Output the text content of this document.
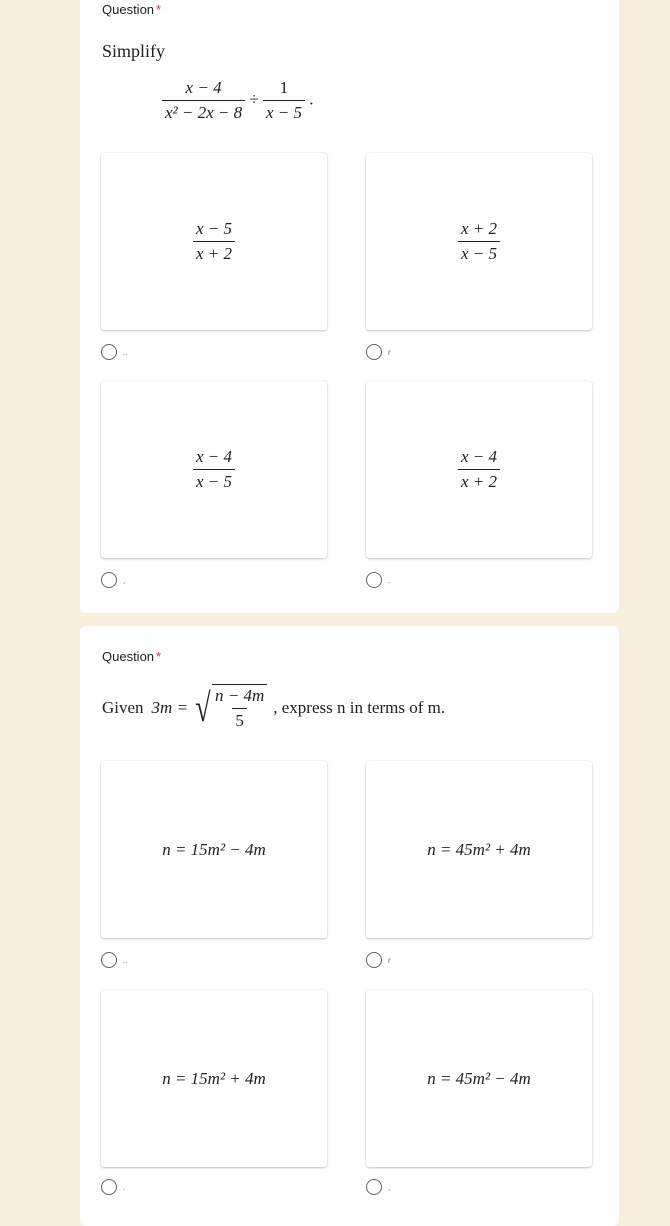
Question *
Simplify
$\frac{x - 4}{\text{x² − 2x − 8}} \div \frac{1}{x - 5}$ .
$\frac{x - 5}{x + 2}$	$\frac{x + 2}{x - 5}$
..	r
$\frac{x - 4}{x - 5}$	$\frac{x - 4}{x + 2}$
,	.
Question *
Given 3m = √ $\frac{n - 4m}{5}$ , express n in terms of m.
n = 15m² − 4m	n = 45m² + 4m
..	r
n = 15m² + 4m	n = 45m² − 4m
.	,
